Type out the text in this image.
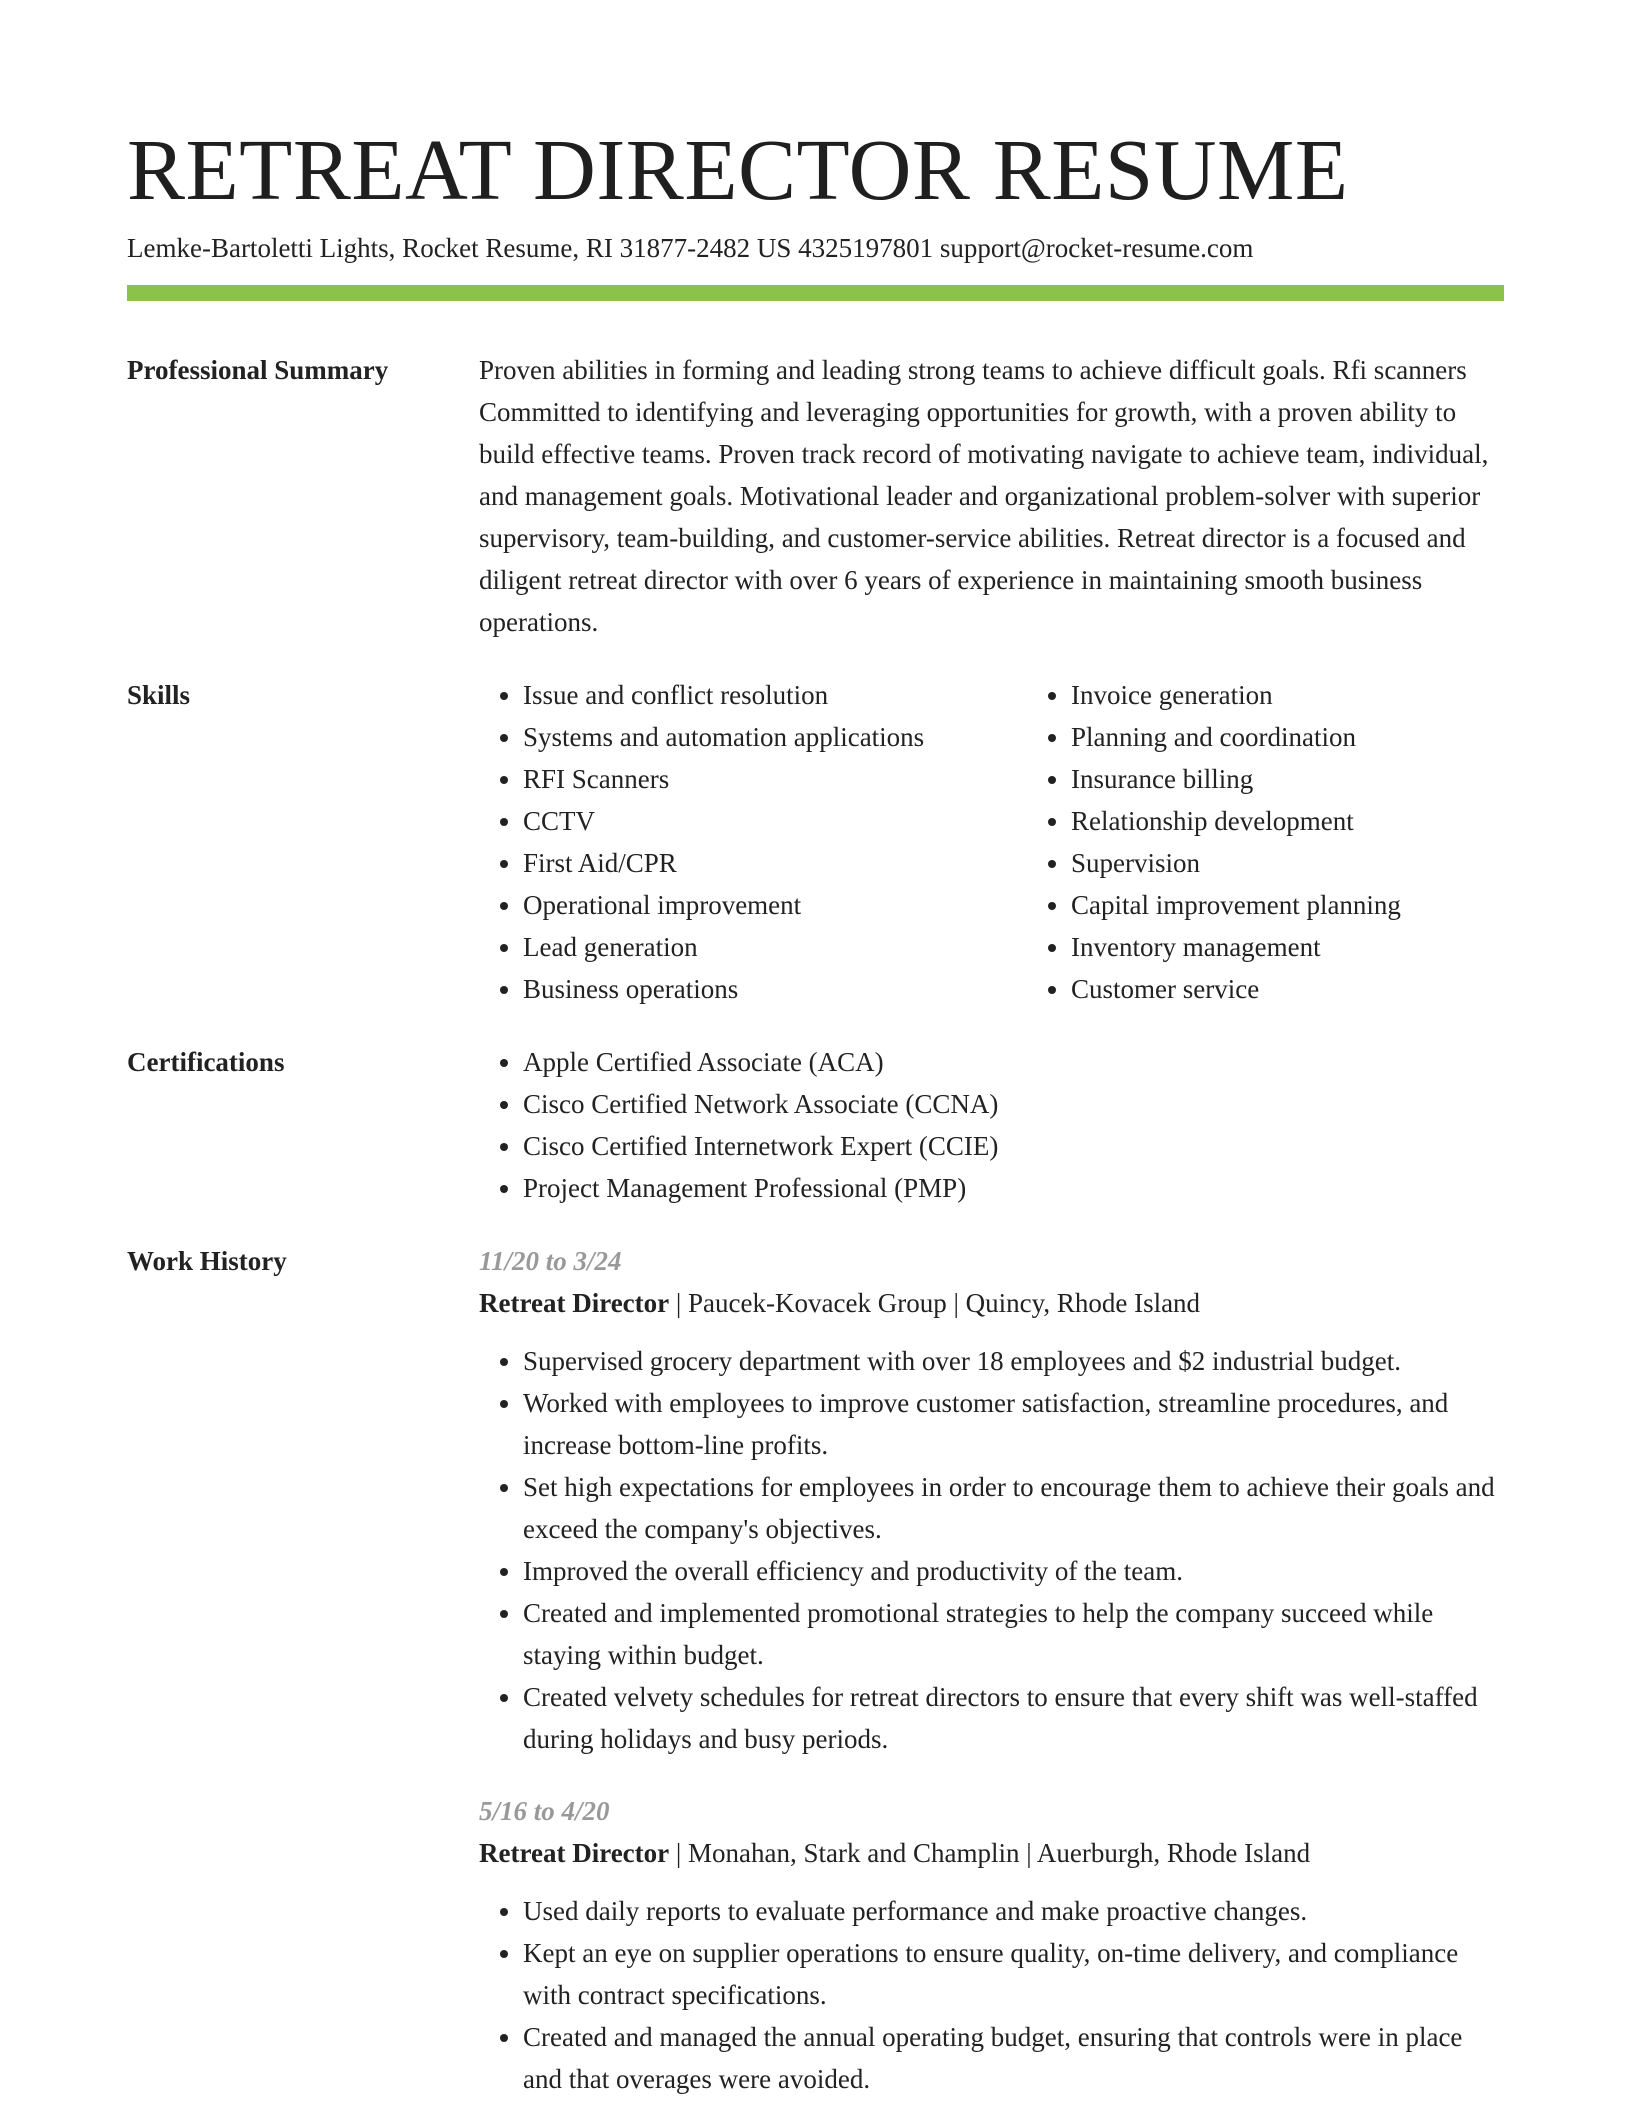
RETREAT DIRECTOR RESUME
Lemke-Bartoletti Lights, Rocket Resume, RI 31877-2482 US 4325197801 support@rocket-resume.com
Professional Summary	Proven abilities in forming and leading strong teams to achieve difficult goals. Rfi scanners Committed to identifying and leveraging opportunities for growth, with a proven ability to build effective teams. Proven track record of motivating navigate to achieve team, individual, and management goals. Motivational leader and organizational problem-solver with superior supervisory, team-building, and customer-service abilities. Retreat director is a focused and diligent retreat director with over 6 years of experience in maintaining smooth business operations.

Skills	• Issue and conflict resolution
• Systems and automation applications
• RFI Scanners
• CCTV
• First Aid/CPR
• Operational improvement
• Lead generation
• Business operations
• Invoice generation
• Planning and coordination
• Insurance billing
• Relationship development
• Supervision
• Capital improvement planning
• Inventory management
• Customer service
Certifications	• Apple Certified Associate (ACA)
• Cisco Certified Network Associate (CCNA)
• Cisco Certified Internetwork Expert (CCIE)
• Project Management Professional (PMP)
Work History	11/20 to 3/24
Retreat Director | Paucek-Kovacek Group | Quincy, Rhode Island
• Supervised grocery department with over 18 employees and $2 industrial budget.
• Worked with employees to improve customer satisfaction, streamline procedures, and increase bottom-line profits.
• Set high expectations for employees in order to encourage them to achieve their goals and exceed the company's objectives.
• Improved the overall efficiency and productivity of the team.
• Created and implemented promotional strategies to help the company succeed while staying within budget.
• Created velvety schedules for retreat directors to ensure that every shift was well-staffed during holidays and busy periods.
5/16 to 4/20
Retreat Director | Monahan, Stark and Champlin | Auerburgh, Rhode Island
• Used daily reports to evaluate performance and make proactive changes.
• Kept an eye on supplier operations to ensure quality, on-time delivery, and compliance with contract specifications.
• Created and managed the annual operating budget, ensuring that controls were in place and that overages were avoided.
